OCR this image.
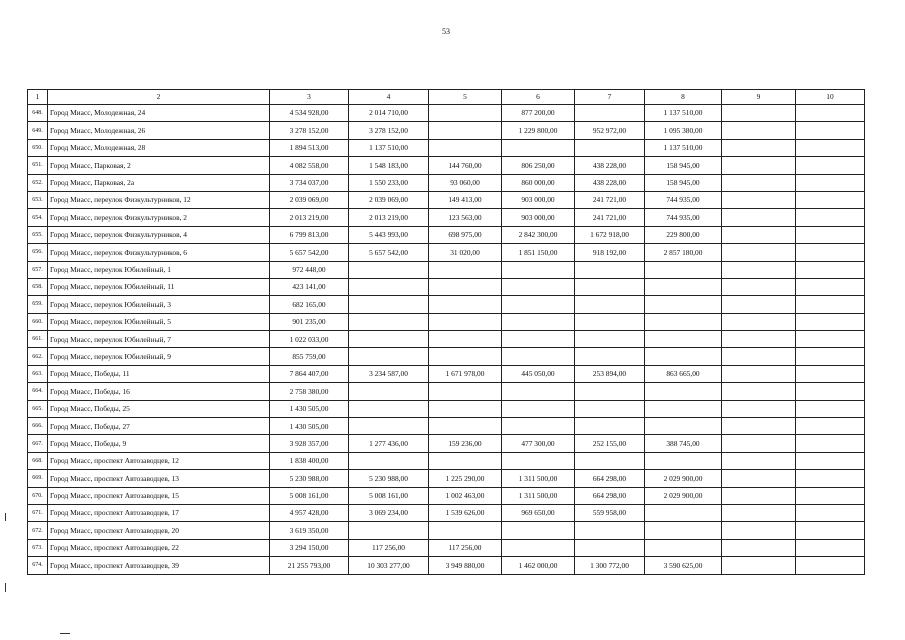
53
1	2	3	4	5	6	7	8	9	10
648.	Город Миасс, Молодежная, 24	4 534 928,00	2 014 710,00		877 200,00		1 137 510,00		
649.	Город Миасс, Молодежная, 26	3 278 152,00	3 278 152,00		1 229 800,00	952 972,00	1 095 380,00		
650.	Город Миасс, Молодежная, 28	1 894 513,00	1 137 510,00				1 137 510,00		
651.	Город Миасс, Парковая, 2	4 082 558,00	1 548 183,00	144 760,00	806 250,00	438 228,00	158 945,00		
652.	Город Миасс, Парковая, 2а	3 734 037,00	1 550 233,00	93 060,00	860 000,00	438 228,00	158 945,00		
653.	Город Миасс, переулок Физкультурников, 12	2 039 069,00	2 039 069,00	149 413,00	903 000,00	241 721,00	744 935,00		
654.	Город Миасс, переулок Физкультурников, 2	2 013 219,00	2 013 219,00	123 563,00	903 000,00	241 721,00	744 935,00		
655.	Город Миасс, переулок Физкультурников, 4	6 799 813,00	5 443 993,00	698 975,00	2 842 300,00	1 672 918,00	229 800,00		
656.	Город Миасс, переулок Физкультурников, 6	5 657 542,00	5 657 542,00	31 020,00	1 851 150,00	918 192,00	2 857 180,00		
657.	Город Миасс, переулок Юбилейный, 1	972 448,00							
658.	Город Миасс, переулок Юбилейный, 11	423 141,00							
659.	Город Миасс, переулок Юбилейный, 3	682 165,00							
660.	Город Миасс, переулок Юбилейный, 5	901 235,00							
661.	Город Миасс, переулок Юбилейный, 7	1 022 033,00							
662.	Город Миасс, переулок Юбилейный, 9	855 759,00							
663.	Город Миасс, Победы, 11	7 864 407,00	3 234 587,00	1 671 978,00	445 050,00	253 894,00	863 665,00		
664.	Город Миасс, Победы, 16	2 758 380,00							
665.	Город Миасс, Победы, 25	1 430 505,00							
666.	Город Миасс, Победы, 27	1 430 505,00							
667.	Город Миасс, Победы, 9	3 928 357,00	1 277 436,00	159 236,00	477 300,00	252 155,00	388 745,00		
668.	Город Миасс, проспект Автозаводцев, 12	1 838 400,00							
669.	Город Миасс, проспект Автозаводцев, 13	5 230 988,00	5 230 988,00	1 225 290,00	1 311 500,00	664 298,00	2 029 900,00		
670.	Город Миасс, проспект Автозаводцев, 15	5 008 161,00	5 008 161,00	1 002 463,00	1 311 500,00	664 298,00	2 029 900,00		
671.	Город Миасс, проспект Автозаводцев, 17	4 957 428,00	3 069 234,00	1 539 626,00	969 650,00	559 958,00			
672.	Город Миасс, проспект Автозаводцев, 20	3 619 350,00							
673.	Город Миасс, проспект Автозаводцев, 22	3 294 150,00	117 256,00	117 256,00					
674.	Город Миасс, проспект Автозаводцев, 39	21 255 793,00	10 303 277,00	3 949 880,00	1 462 000,00	1 300 772,00	3 590 625,00		
